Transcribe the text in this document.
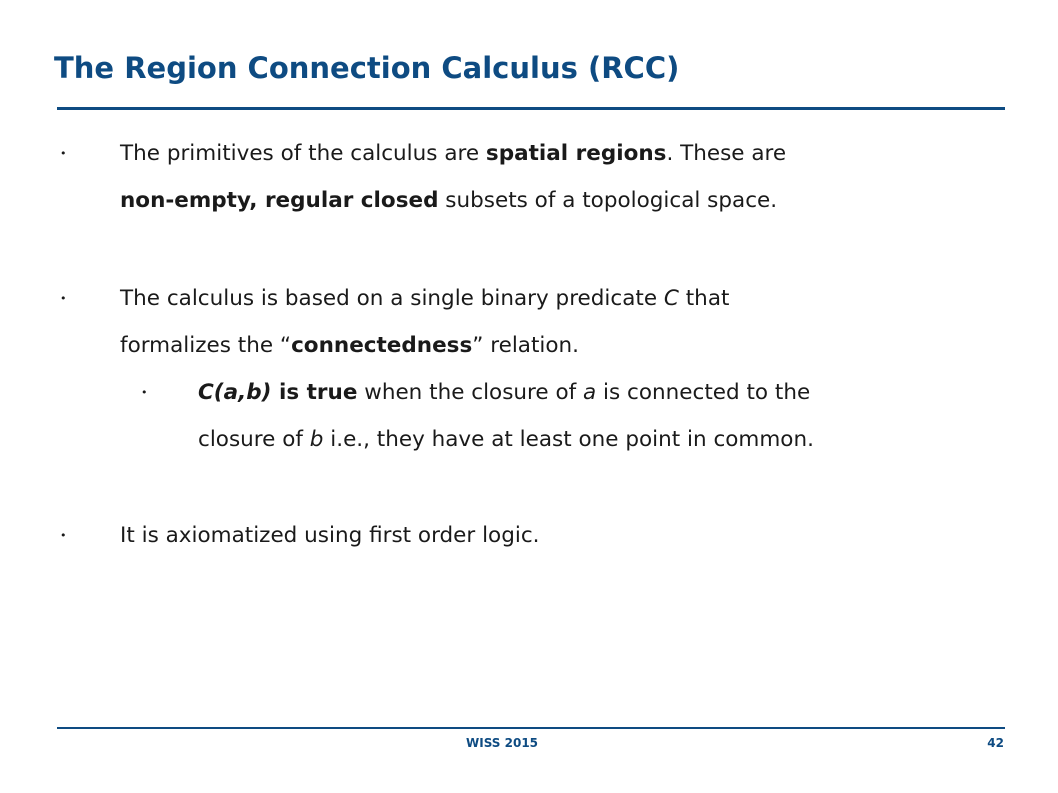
The Region Connection Calculus (RCC)
• The primitives of the calculus are spatial regions. These are
non-empty, regular closed subsets of a topological space.
• The calculus is based on a single binary predicate C that
formalizes the “connectedness” relation.
• C(a,b) is true when the closure of a is connected to the
closure of b i.e., they have at least one point in common.
• It is axiomatized using first order logic.
WISS 2015	42
